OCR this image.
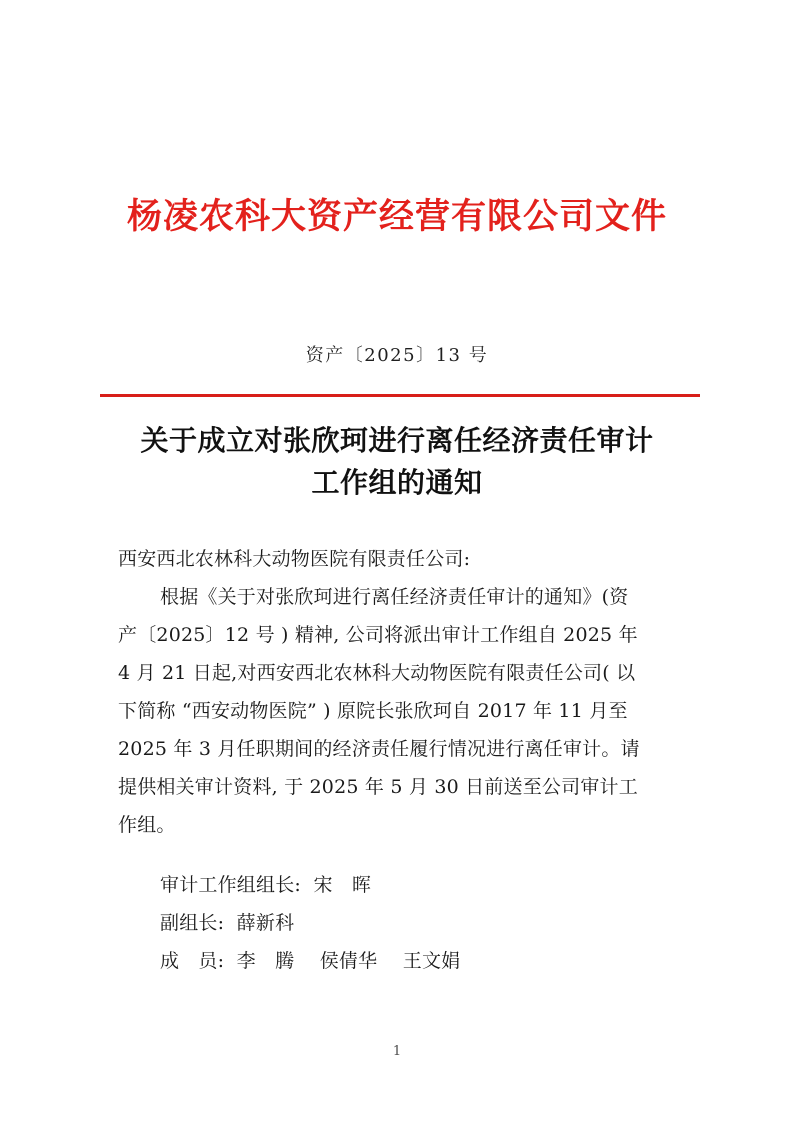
杨凌农科大资产经营有限公司文件
资产〔2025〕13 号
关于成立对张欣珂进行离任经济责任审计
工作组的通知
西安西北农林科大动物医院有限责任公司:
根据《关于对张欣珂进行离任经济责任审计的通知》(资
产〔2025〕12 号 ) 精神, 公司将派出审计工作组自 2025 年
4 月 21 日起,对西安西北农林科大动物医院有限责任公司( 以
下简称 “西安动物医院” ) 原院长张欣珂自 2017 年 11 月至
2025 年 3 月任职期间的经济责任履行情况进行离任审计。请
提供相关审计资料, 于 2025 年 5 月 30 日前送至公司审计工
作组。
审计工作组组长:  宋　晖
副组长:  薛新科
成　员:  李　腾　 侯倩华　 王文娟
1
